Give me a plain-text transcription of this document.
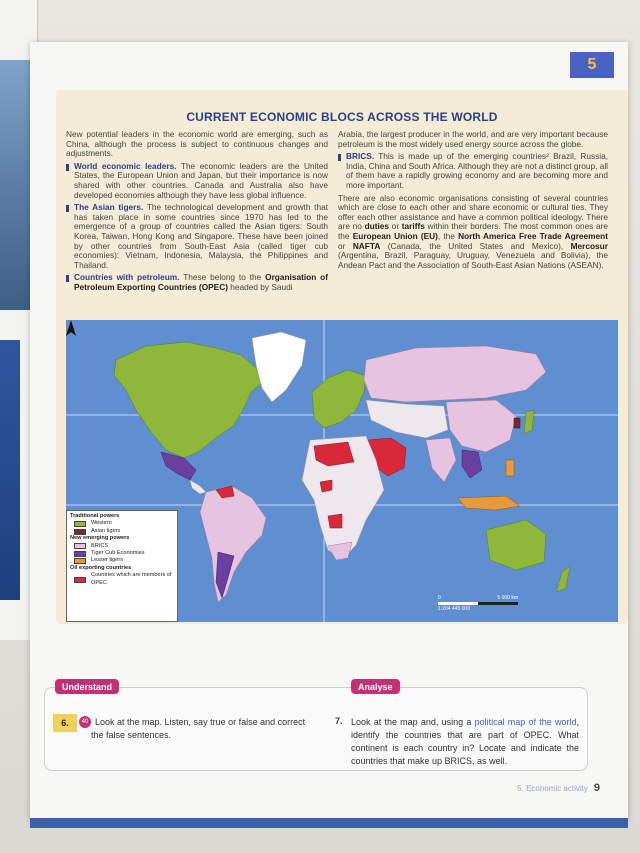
5
CURRENT ECONOMIC BLOCS ACROSS THE WORLD

New potential leaders in the economic world are emerging, such as China, although the process is subject to continuous changes and adjustments.

World economic leaders. The economic leaders are the United States, the European Union and Japan, but their importance is now shared with other countries. Canada and Australia also have developed economies although they have less global influence.

The Asian tigers. The technological development and growth that has taken place in some countries since 1970 has led to the emergence of a group of countries called the Asian tigers: South Korea, Taiwan, Hong Kong and Singapore. These have been joined by other countries from South-East Asia (called tiger cub economies): Vietnam, Indonesia, Malaysia, the Philippines and Thailand.

Countries with petroleum. These belong to the Organisation of Petroleum Exporting Countries (OPEC) headed by Saudi

Arabia, the largest producer in the world, and are very important because petroleum is the most widely used energy source across the globe.

BRICS. This is made up of the emerging countries² Brazil, Russia, India, China and South Africa. Although they are not a distinct group, all of them have a rapidly growing economy and are becoming more and more important.

There are also economic organisations consisting of several countries which are close to each other and share economic or cultural ties. They offer each other assistance and have a common political ideology. There are no duties or tariffs within their borders. The most common ones are the European Union (EU), the North America Free Trade Agreement or NAFTA (Canada, the United States and Mexico), Mercosur (Argentina, Brazil, Paraguay, Uruguay, Venezuela and Bolivia), the Andean Pact and the Association of South-East Asian Nations (ASEAN).

0	5 000 km
1:204 445 000
Traditional powers
Western
Asian tigers
New emerging powers
BRICS
Tiger Cub Economies
Lesser tigers
Oil exporting countries
Countries which are members of OPEC
Understand	Analyse
6.	40 Look at the map. Listen, say true or false and correct the false sentences.
7. Look at the map and, using a political map of the world, identify the countries that are part of OPEC. What continent is each country in? Locate and indicate the countries that make up BRICS, as well.
5. Economic activity 9
